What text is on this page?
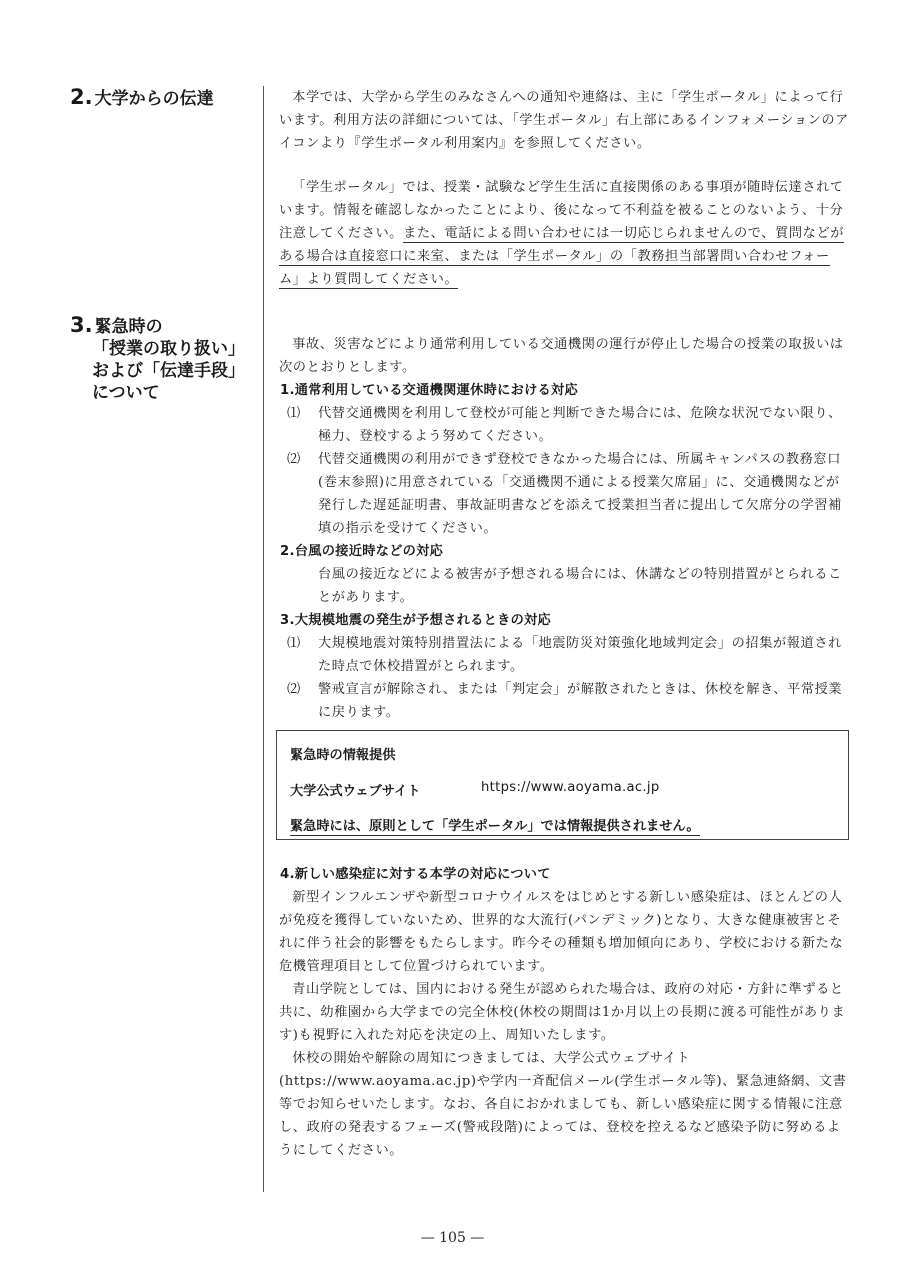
2. 大学からの伝達	本学では、大学から学生のみなさんへの通知や連絡は、主に「学生ポータル」によって行います。利用方法の詳細については、「学生ポータル」右上部にあるインフォメーションのアイコンより『学生ポータル利用案内』を参照してください。

「学生ポータル」では、授業・試験など学生生活に直接関係のある事項が随時伝達されています。情報を確認しなかったことにより、後になって不利益を被ることのないよう、十分注意してください。また、電話による問い合わせには一切応じられませんので、質問などがある場合は直接窓口に来室、または「学生ポータル」の「教務担当部署問い合わせフォーム」より質問してください。

3. 緊急時の
「授業の取り扱い」
および「伝達手段」
について

事故、災害などにより通常利用している交通機関の運行が停止した場合の授業の取扱いは次のとおりとします。

1.通常利用している交通機関運休時における対応
⑴	代替交通機関を利用して登校が可能と判断できた場合には、危険な状況でない限り、極力、登校するよう努めてください。
⑵	代替交通機関の利用ができず登校できなかった場合には、所属キャンパスの教務窓口(巻末参照)に用意されている「交通機関不通による授業欠席届」に、交通機関などが発行した遅延証明書、事故証明書などを添えて授業担当者に提出して欠席分の学習補填の指示を受けてください。
2.台風の接近時などの対応
台風の接近などによる被害が予想される場合には、休講などの特別措置がとられることがあります。
3.大規模地震の発生が予想されるときの対応
⑴	大規模地震対策特別措置法による「地震防災対策強化地域判定会」の招集が報道された時点で休校措置がとられます。
⑵	警戒宣言が解除され、または「判定会」が解散されたときは、休校を解き、平常授業に戻ります。
緊急時の情報提供
大学公式ウェブサイト	https://www.aoyama.ac.jp
緊急時には、原則として「学生ポータル」では情報提供されません。
4.新しい感染症に対する本学の対応について

新型インフルエンザや新型コロナウイルスをはじめとする新しい感染症は、ほとんどの人が免疫を獲得していないため、世界的な大流行(パンデミック)となり、大きな健康被害とそれに伴う社会的影響をもたらします。昨今その種類も増加傾向にあり、学校における新たな危機管理項目として位置づけられています。

青山学院としては、国内における発生が認められた場合は、政府の対応・方針に準ずると共に、幼稚園から大学までの完全休校(休校の期間は1か月以上の長期に渡る可能性があります)も視野に入れた対応を決定の上、周知いたします。

休校の開始や解除の周知につきましては、大学公式ウェブサイト(https://www.aoyama.ac.jp)や学内一斉配信メール(学生ポータル等)、緊急連絡網、文書等でお知らせいたします。なお、各自におかれましても、新しい感染症に関する情報に注意し、政府の発表するフェーズ(警戒段階)によっては、登校を控えるなど感染予防に努めるようにしてください。

— 105 —
